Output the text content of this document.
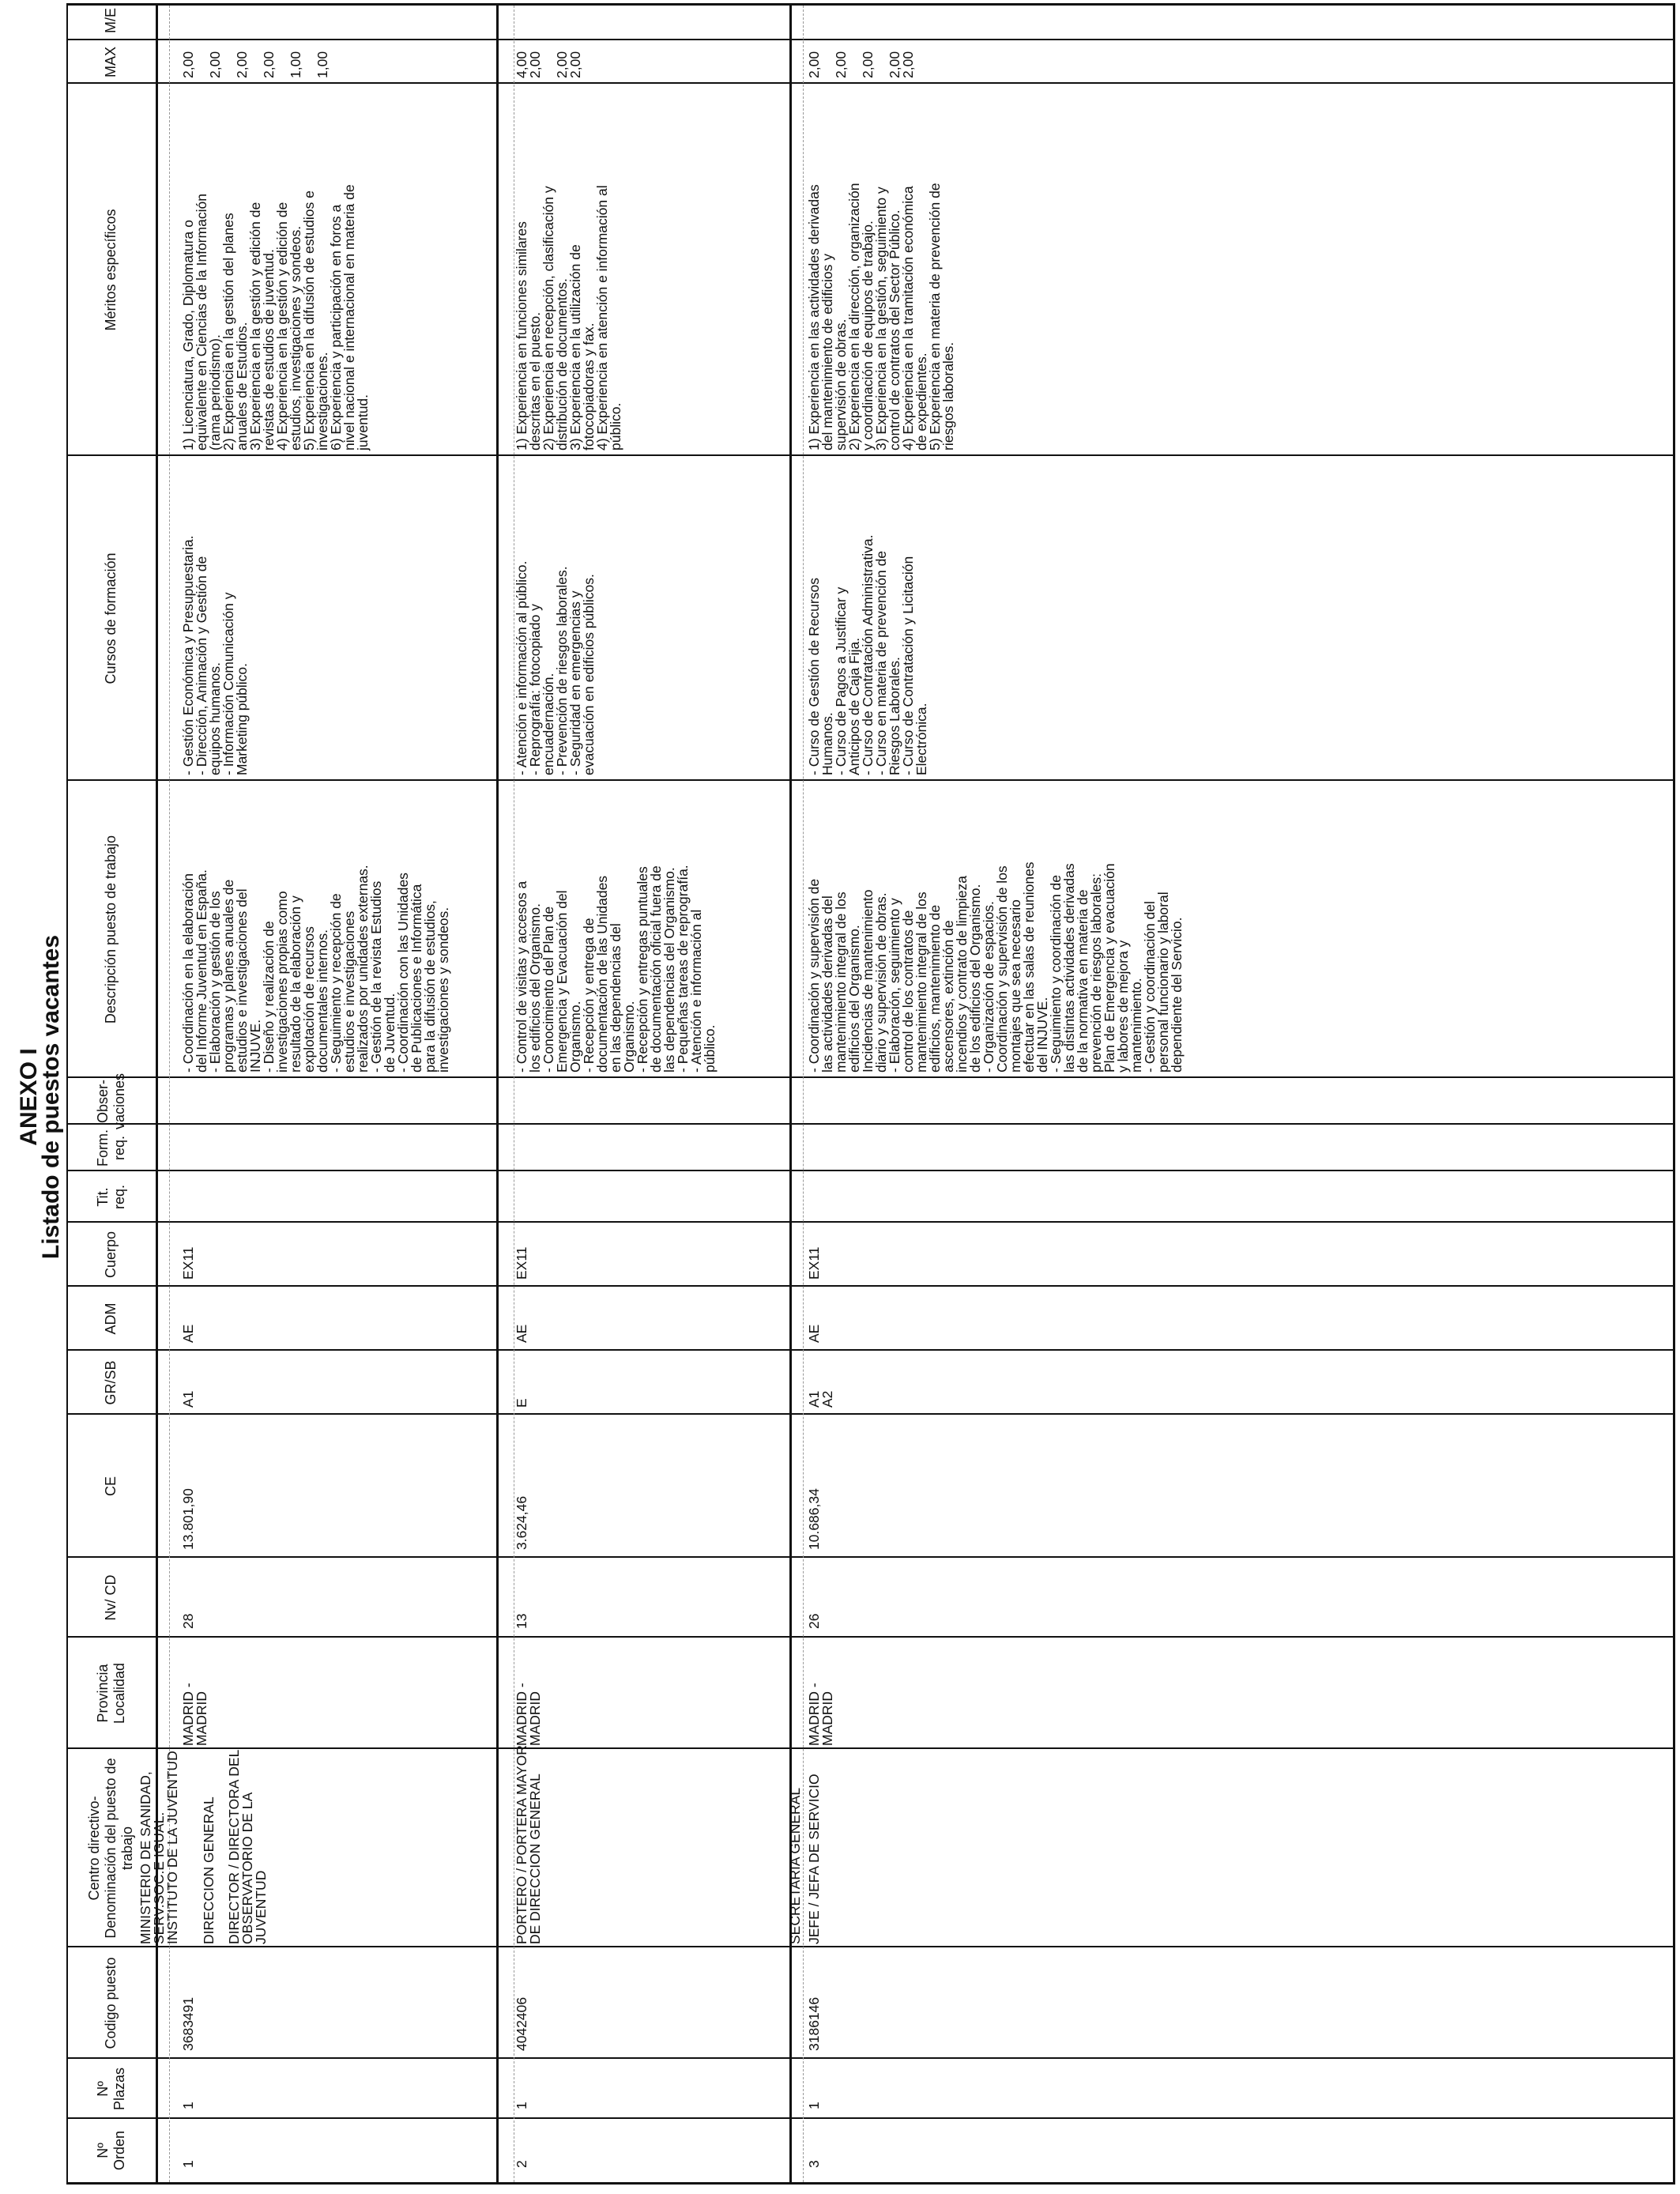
ANEXO I
Listado de puestos vacantes
Nº Orden
Nº Plazas
Codigo puesto
Centro directivo- Denominación del puesto de trabajo
Provincia Localidad
Nv/ CD
CE
GR/SB
ADM
Cuerpo
Tit. req.
Form. req.
Obser- vaciones
Descripción puesto de trabajo
Cursos de formación
Méritos específicos
MAX
M/E
MINISTERIO DE SANIDAD,
SERV.SOC.E IGUAL.
INSTITUTO DE LA JUVENTUD
DIRECCION GENERAL
1
1
3683491
DIRECTOR / DIRECTORA DEL
OBSERVATORIO DE LA
JUVENTUD
MADRID -
MADRID
28
13.801,90
A1
AE
EX11
- Coordinación en la elaboración
del Informe Juventud en España.
- Elaboración y gestión de los
programas y planes anuales de
estudios e investigaciones del
INJUVE.
- Diseño y realización de
investigaciones propias como
resultado de la elaboración y
explotación de recursos
documentales internos.
- Seguimiento y recepción de
estudios e investigaciones
realizados por unidades externas.
- Gestión de la revista Estudios
de Juventud.
- Coordinación con las Unidades
de Publicaciones e Informática
para la difusión de estudios,
investigaciones y sondeos.
- Gestión Económica y Presupuestaria.
- Dirección, Animación y Gestión de
equipos humanos.
- Información Comunicación y
Marketing público.
1) Licenciatura, Grado, Diplomatura o
equivalente en Ciencias de la Información
(rama periodismo).
2) Experiencia en la gestión del planes
anuales de Estudios.
3) Experiencia en la gestión y edición de
revistas de estudios de juventud.
4) Experiencia en la gestión y edición de
estudios, investigaciones y sondeos.
5) Experiencia en la difusión de estudios e
investigaciones.
6) Experiencia y participación en foros a
nivel nacional e internacional en materia de
juventud.
2,00

2,00

2,00

2,00

1,00

1,00
2
1
4042406
PORTERO / PORTERA MAYOR
DE DIRECCION GENERAL
MADRID -
MADRID
13
3.624,46
E
AE
EX11
- Control de visitas y accesos a
los edificios del Organismo.
- Conocimiento del Plan de
Emergencia y Evacuación del
Organismo.
- Recepción y entrega de
documentación de las Unidades
en las dependencias del
Organismo.
- Recepción y entregas puntuales
de documentación oficial fuera de
las dependencias del Organismo.
- Pequeñas tareas de reprografía.
- Atención e información al
público.
- Atención e información al público.
- Reprografía: fotocopiado y
encuadernación.
- Prevención de riesgos laborales.
- Seguridad en emergencias y
evacuación en edificios públicos.
1) Experiencia en funciones similares
descritas en el puesto.
2) Experiencia en recepción, clasificación y
distribución de documentos.
3) Experiencia en la utilización de
fotocopiadoras y fax.
4) Experiencia en atención e información al
público.
4,00
2,00

2,00
2,00
SECRETARIA GENERAL
3
1
3186146
JEFE / JEFA DE SERVICIO
MADRID -
MADRID
26
10.686,34
A1
A2
AE
EX11
- Coordinación y supervisión de
las actividades derivadas del
mantenimiento integral de los
edificios del Organismo.
Incidencias de mantenimiento
diario y supervisión de obras.
- Elaboración, seguimiento y
control de los contratos de
mantenimiento integral de los
edificios, mantenimiento de
ascensores, extinción de
incendios y contrato de limpieza
de los edificios del Organismo.
- Organización de espacios.
Coordinación y supervisión de los
montajes que sea necesario
efectuar en las salas de reuniones
del INJUVE.
- Seguimiento y coordinación de
las distintas actividades derivadas
de la normativa en materia de
prevención de riesgos laborales:
Plan de Emergencia y evacuación
y labores de mejora y
mantenimiento.
- Gestión y coordinación del
personal funcionario y laboral
dependiente del Servicio.
- Curso de Gestión de Recursos
Humanos.
- Curso de Pagos a Justificar y
Anticipos de Caja Fija.
- Curso de Contratación Administrativa.
- Curso en materia de prevención de
Riesgos Laborales.
- Curso de Contratación y Licitación
Electrónica.
1) Experiencia en las actividades derivadas
del mantenimiento de edificios y
supervisión de obras.
2) Experiencia en la dirección, organización
y coordinación de equipos de trabajo.
3) Experiencia en la gestión, seguimiento y
control de contratos del Sector Público.
4) Experiencia en la tramitación económica
de expedientes.
5) Experiencia en materia de prevención de
riesgos laborales.
2,00

2,00

2,00

2,00
2,00
